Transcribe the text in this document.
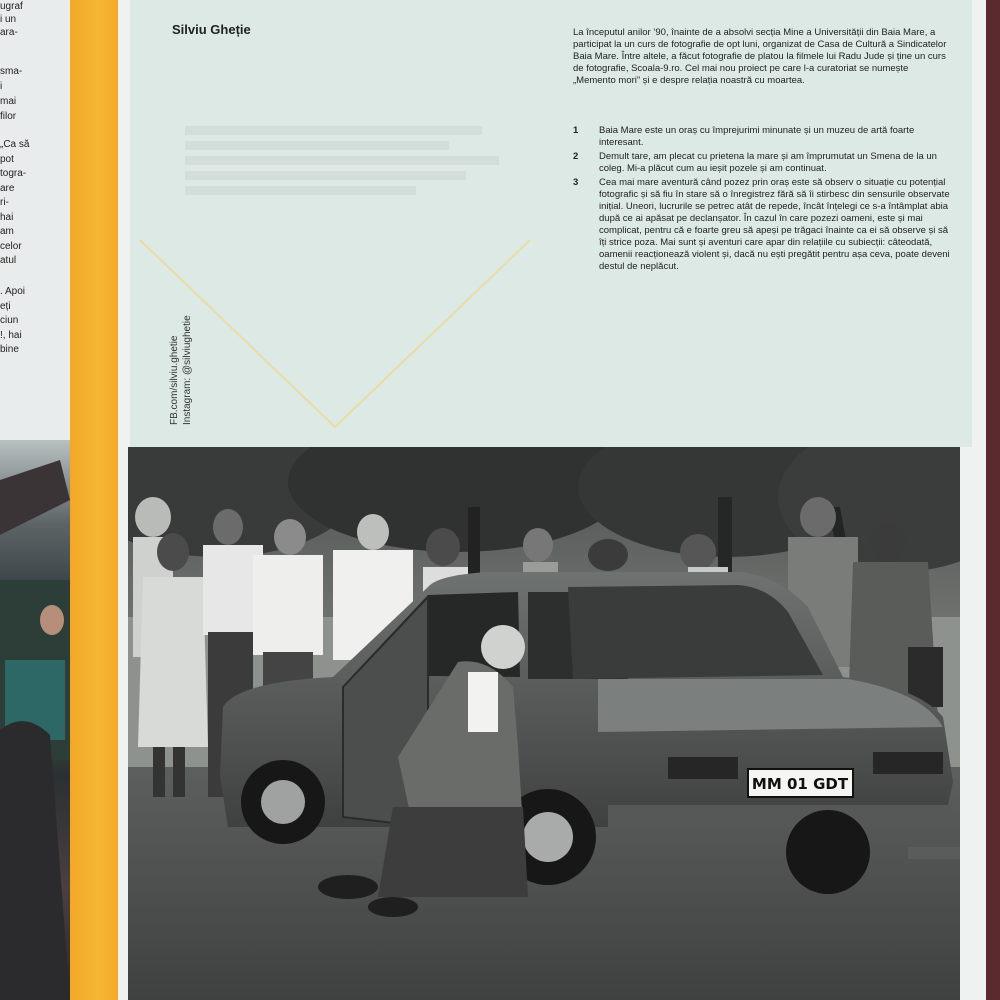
ugraf

i un

ara-

sma-

i

mai

filor

„Ca să

pot

togra-

are

ri-

hai

am

celor

atul

. Apoi

eți

ciun

!, hai

bine

Silviu Gheție
FB.com/silviu.ghetie Instagram: @silviughetie
La începutul anilor ’90, înainte de a absolvi secția Mine a Universității din Baia Mare, a participat la un curs de fotografie de opt luni, organizat de Casa de Cultură a Sindicatelor Baia Mare. Între altele, a făcut fotografie de platou la filmele lui Radu Jude și ține un curs de fotografie, Scoala-9.ro. Cel mai nou proiect pe care l-a curatoriat se numește „Memento mori” și e despre relația noastră cu moartea.
1 Baia Mare este un oraș cu împrejurimi minunate și un muzeu de artă foarte interesant.
2 Demult tare, am plecat cu prietena la mare și am împrumutat un Smena de la un coleg. Mi-a plăcut cum au ieșit pozele și am continuat.
3 Cea mai mare aventură când pozez prin oraș este să observ o situație cu potențial fotografic și să fiu în stare să o înregistrez fără să îi stirbesc din sensurile observate inițial. Uneori, lucrurile se petrec atât de repede, încât înțelegi ce s-a întâmplat abia după ce ai apăsat pe declanșator. În cazul în care pozezi oameni, este și mai complicat, pentru că e foarte greu să apeși pe trăgaci înainte ca ei să observe și să îți strice poza. Mai sunt și aventuri care apar din relațiile cu subiecții: câteodată, oamenii reacționează violent și, dacă nu ești pregătit pentru așa ceva, poate deveni destul de neplăcut.
MM 01 GDT
